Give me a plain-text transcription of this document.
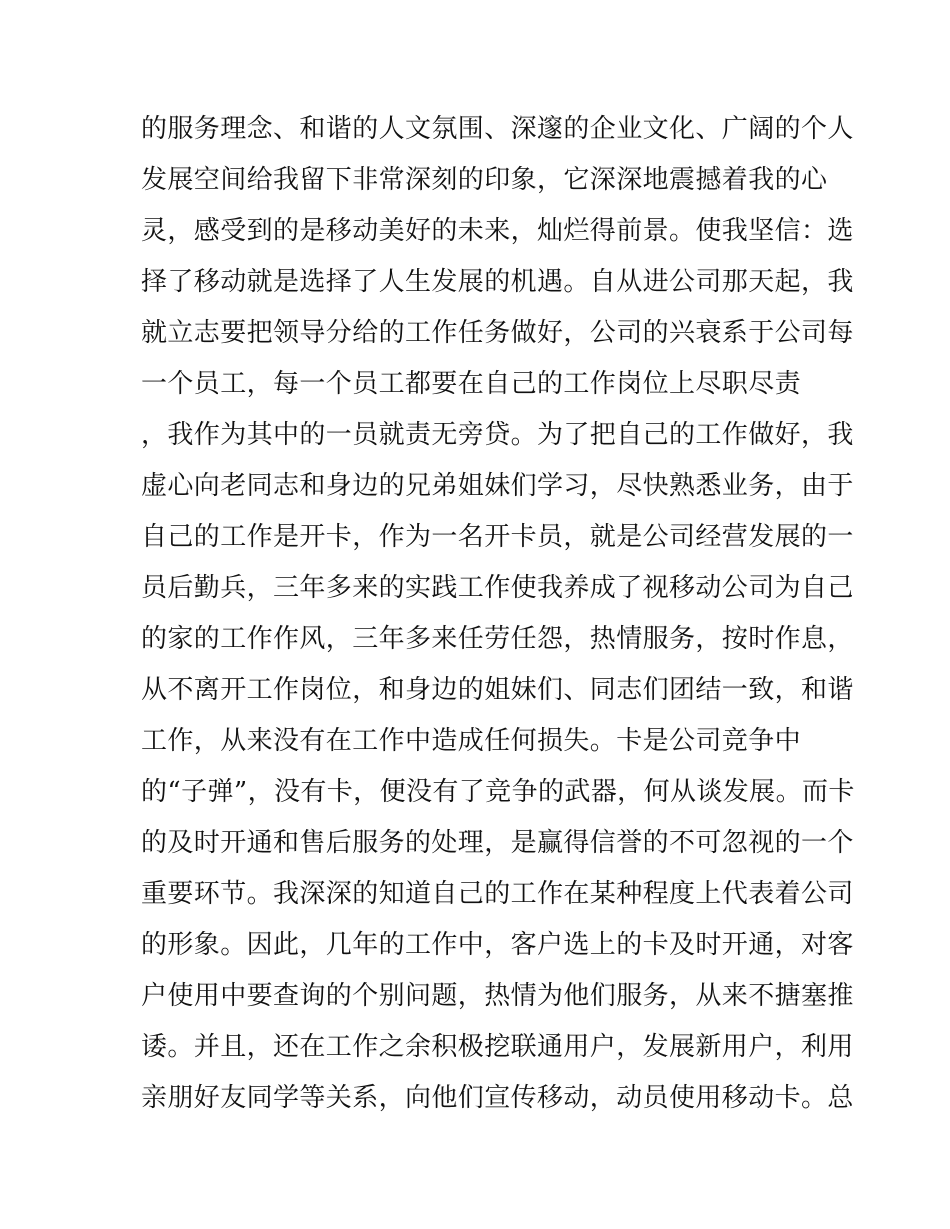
的服务理念、和谐的人文氛围、深邃的企业文化、广阔的个人
发展空间给我留下非常深刻的印象，它深深地震撼着我的心
灵，感受到的是移动美好的未来，灿烂得前景。使我坚信：选
择了移动就是选择了人生发展的机遇。自从进公司那天起，我
就立志要把领导分给的工作任务做好，公司的兴衰系于公司每
一个员工，每一个员工都要在自己的工作岗位上尽职尽责
，我作为其中的一员就责无旁贷。为了把自己的工作做好，我
虚心向老同志和身边的兄弟姐妹们学习，尽快熟悉业务，由于
自己的工作是开卡，作为一名开卡员，就是公司经营发展的一
员后勤兵，三年多来的实践工作使我养成了视移动公司为自己
的家的工作作风，三年多来任劳任怨，热情服务，按时作息，
从不离开工作岗位，和身边的姐妹们、同志们团结一致，和谐
工作，从来没有在工作中造成任何损失。卡是公司竞争中
的“子弹”，没有卡，便没有了竞争的武器，何从谈发展。而卡
的及时开通和售后服务的处理，是赢得信誉的不可忽视的一个
重要环节。我深深的知道自己的工作在某种程度上代表着公司
的形象。因此，几年的工作中，客户选上的卡及时开通，对客
户使用中要查询的个别问题，热情为他们服务，从来不搪塞推
诿。并且，还在工作之余积极挖联通用户，发展新用户，利用
亲朋好友同学等关系，向他们宣传移动，动员使用移动卡。总
